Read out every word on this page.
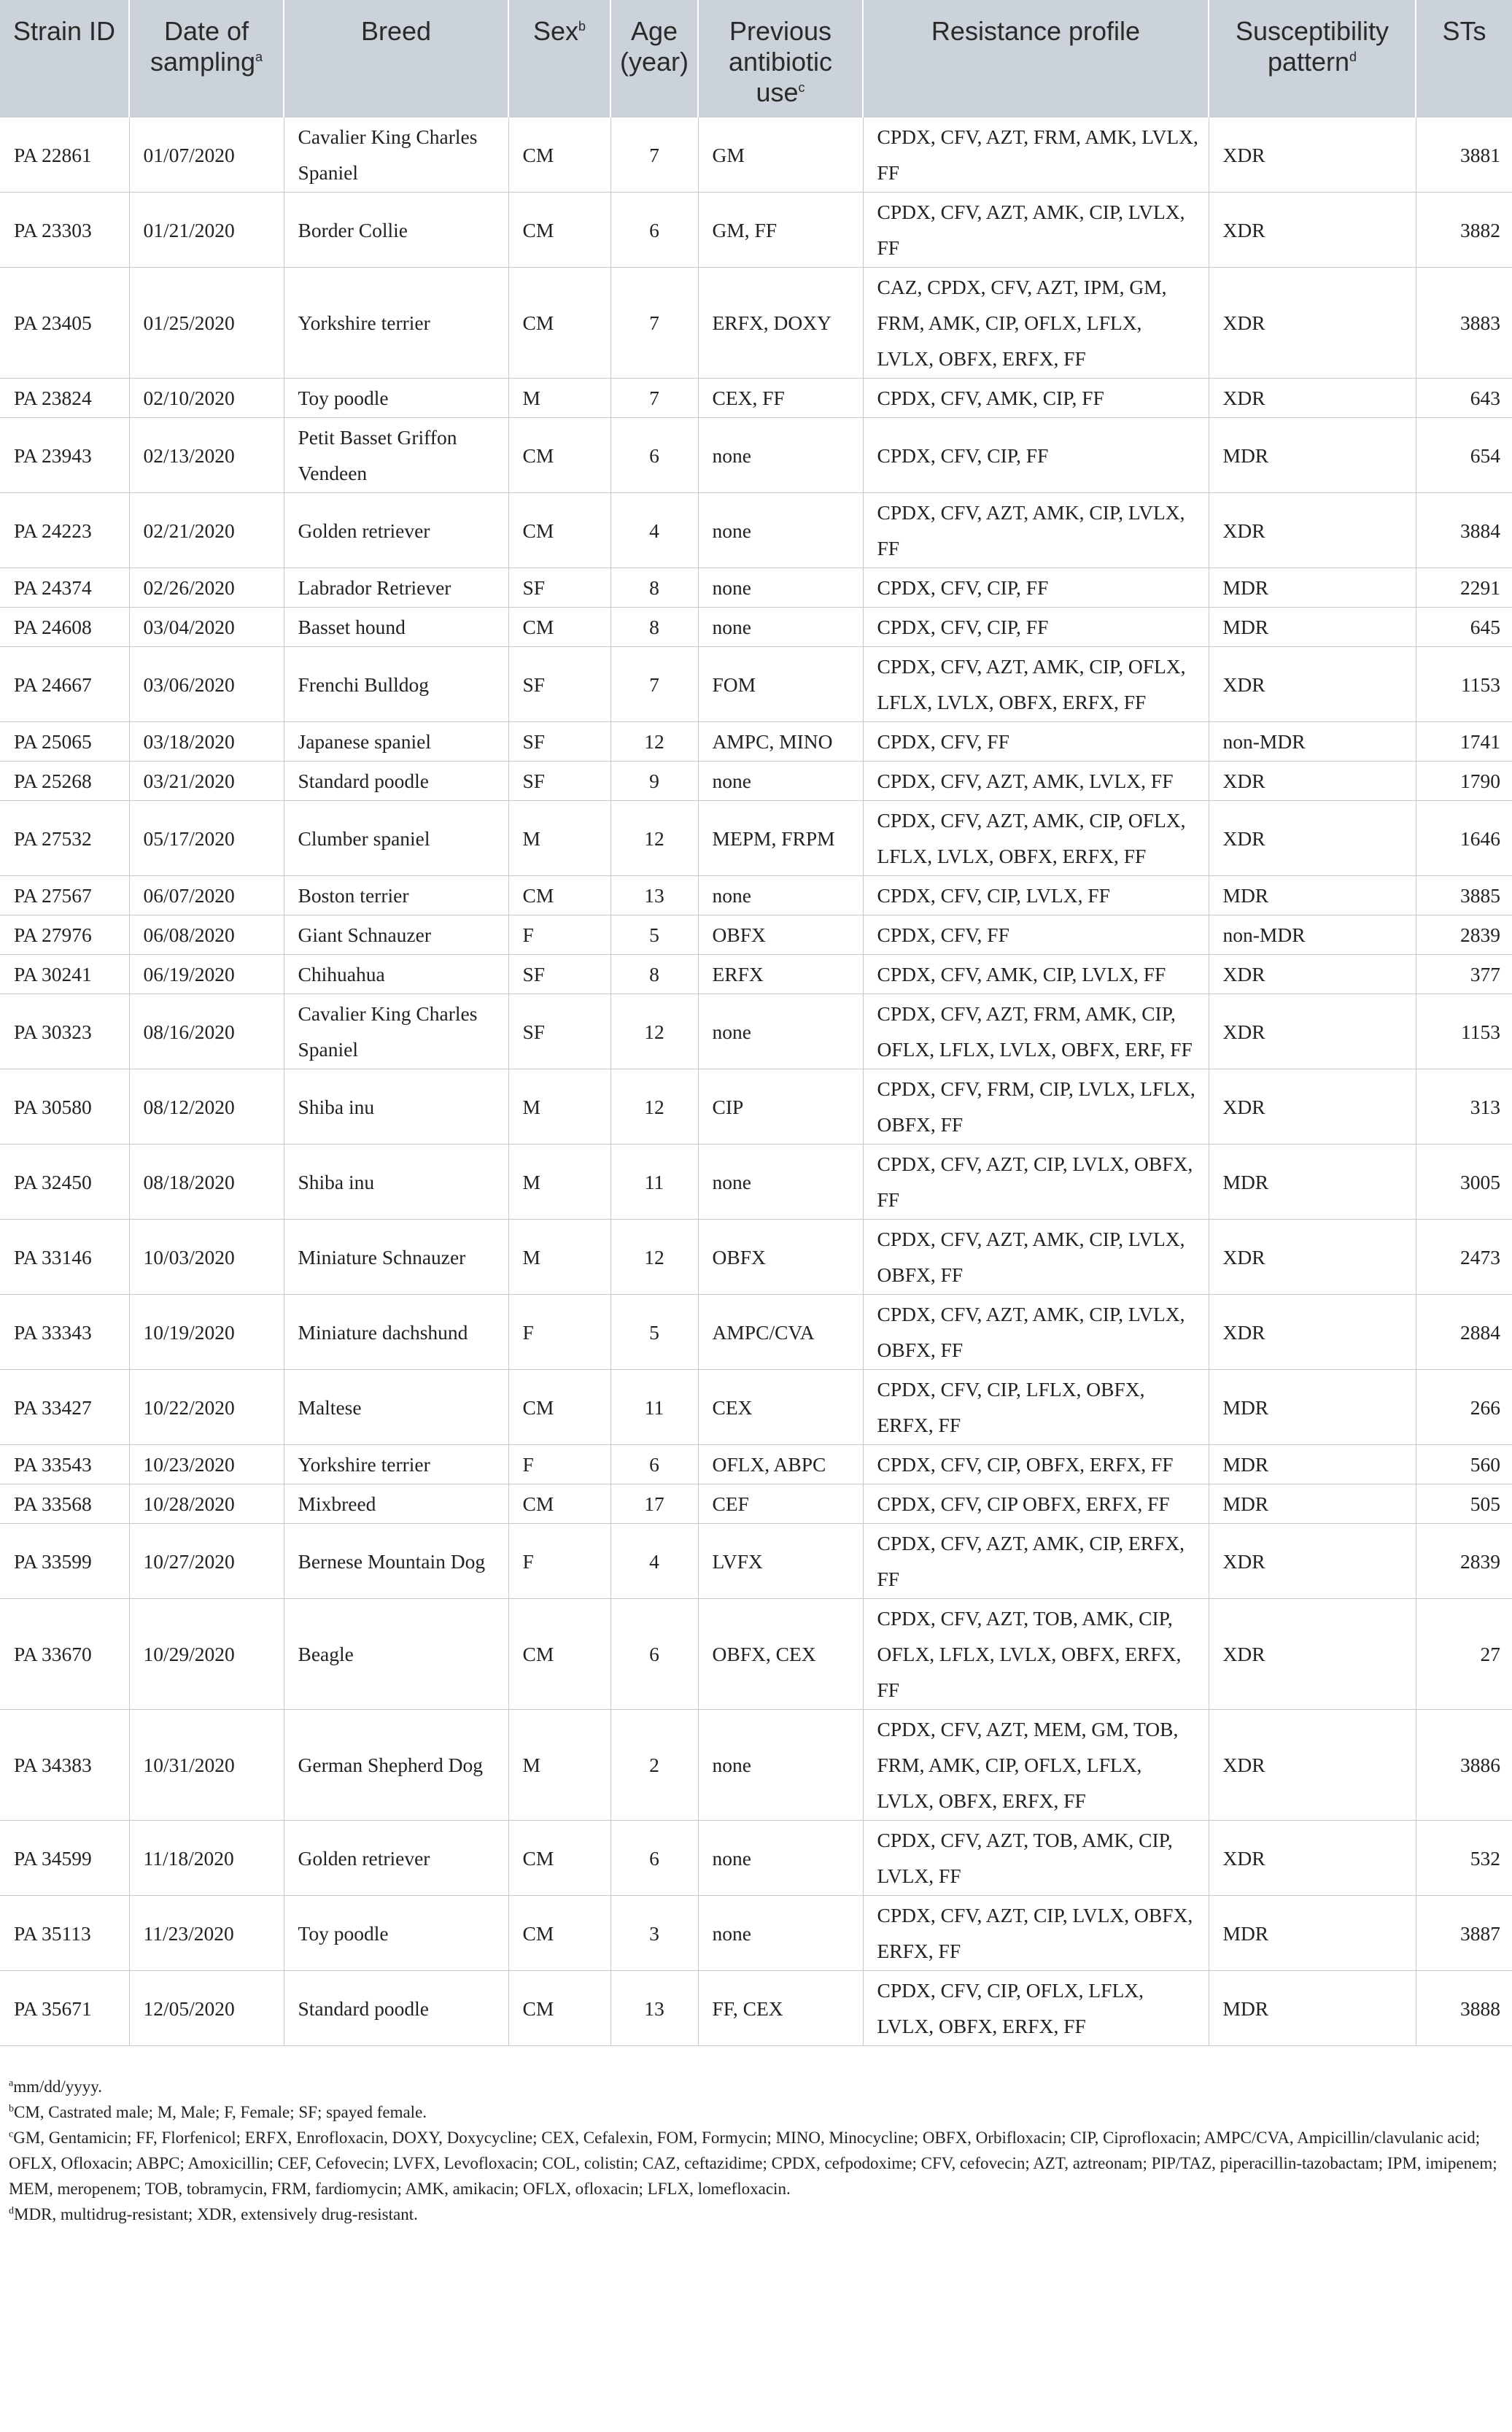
Strain ID	Date of sampling$^a$	Breed	Sex$^b$	Age (year)	Previous antibiotic use$^c$	Resistance profile	Susceptibility pattern$^d$	STs
PA 22861	01/07/2020	Cavalier King Charles Spaniel	CM	7	GM	CPDX, CFV, AZT, FRM, AMK, LVLX, FF	XDR	3881
PA 23303	01/21/2020	Border Collie	CM	6	GM, FF	CPDX, CFV, AZT, AMK, CIP, LVLX, FF	XDR	3882
PA 23405	01/25/2020	Yorkshire terrier	CM	7	ERFX, DOXY	CAZ, CPDX, CFV, AZT, IPM, GM, FRM, AMK, CIP, OFLX, LFLX, LVLX, OBFX, ERFX, FF	XDR	3883
PA 23824	02/10/2020	Toy poodle	M	7	CEX, FF	CPDX, CFV, AMK, CIP, FF	XDR	643
PA 23943	02/13/2020	Petit Basset Griffon Vendeen	CM	6	none	CPDX, CFV, CIP, FF	MDR	654
PA 24223	02/21/2020	Golden retriever	CM	4	none	CPDX, CFV, AZT, AMK, CIP, LVLX, FF	XDR	3884
PA 24374	02/26/2020	Labrador Retriever	SF	8	none	CPDX, CFV, CIP, FF	MDR	2291
PA 24608	03/04/2020	Basset hound	CM	8	none	CPDX, CFV, CIP, FF	MDR	645
PA 24667	03/06/2020	Frenchi Bulldog	SF	7	FOM	CPDX, CFV, AZT, AMK, CIP, OFLX, LFLX, LVLX, OBFX, ERFX, FF	XDR	1153
PA 25065	03/18/2020	Japanese spaniel	SF	12	AMPC, MINO	CPDX, CFV, FF	non-MDR	1741
PA 25268	03/21/2020	Standard poodle	SF	9	none	CPDX, CFV, AZT, AMK, LVLX, FF	XDR	1790
PA 27532	05/17/2020	Clumber spaniel	M	12	MEPM, FRPM	CPDX, CFV, AZT, AMK, CIP, OFLX, LFLX, LVLX, OBFX, ERFX, FF	XDR	1646
PA 27567	06/07/2020	Boston terrier	CM	13	none	CPDX, CFV, CIP, LVLX, FF	MDR	3885
PA 27976	06/08/2020	Giant Schnauzer	F	5	OBFX	CPDX, CFV, FF	non-MDR	2839
PA 30241	06/19/2020	Chihuahua	SF	8	ERFX	CPDX, CFV, AMK, CIP, LVLX, FF	XDR	377
PA 30323	08/16/2020	Cavalier King Charles Spaniel	SF	12	none	CPDX, CFV, AZT, FRM, AMK, CIP, OFLX, LFLX, LVLX, OBFX, ERF, FF	XDR	1153
PA 30580	08/12/2020	Shiba inu	M	12	CIP	CPDX, CFV, FRM, CIP, LVLX, LFLX, OBFX, FF	XDR	313
PA 32450	08/18/2020	Shiba inu	M	11	none	CPDX, CFV, AZT, CIP, LVLX, OBFX, FF	MDR	3005
PA 33146	10/03/2020	Miniature Schnauzer	M	12	OBFX	CPDX, CFV, AZT, AMK, CIP, LVLX, OBFX, FF	XDR	2473
PA 33343	10/19/2020	Miniature dachshund	F	5	AMPC/CVA	CPDX, CFV, AZT, AMK, CIP, LVLX, OBFX, FF	XDR	2884
PA 33427	10/22/2020	Maltese	CM	11	CEX	CPDX, CFV, CIP, LFLX, OBFX, ERFX, FF	MDR	266
PA 33543	10/23/2020	Yorkshire terrier	F	6	OFLX, ABPC	CPDX, CFV, CIP, OBFX, ERFX, FF	MDR	560
PA 33568	10/28/2020	Mixbreed	CM	17	CEF	CPDX, CFV, CIP OBFX, ERFX, FF	MDR	505
PA 33599	10/27/2020	Bernese Mountain Dog	F	4	LVFX	CPDX, CFV, AZT, AMK, CIP, ERFX, FF	XDR	2839
PA 33670	10/29/2020	Beagle	CM	6	OBFX, CEX	CPDX, CFV, AZT, TOB, AMK, CIP, OFLX, LFLX, LVLX, OBFX, ERFX, FF	XDR	27
PA 34383	10/31/2020	German Shepherd Dog	M	2	none	CPDX, CFV, AZT, MEM, GM, TOB, FRM, AMK, CIP, OFLX, LFLX, LVLX, OBFX, ERFX, FF	XDR	3886
PA 34599	11/18/2020	Golden retriever	CM	6	none	CPDX, CFV, AZT, TOB, AMK, CIP, LVLX, FF	XDR	532
PA 35113	11/23/2020	Toy poodle	CM	3	none	CPDX, CFV, AZT, CIP, LVLX, OBFX, ERFX, FF	MDR	3887
PA 35671	12/05/2020	Standard poodle	CM	13	FF, CEX	CPDX, CFV, CIP, OFLX, LFLX, LVLX, OBFX, ERFX, FF	MDR	3888

$^a$mm/dd/yyyy.

$^b$CM, Castrated male; M, Male; F, Female; SF; spayed female.

$^c$GM, Gentamicin; FF, Florfenicol; ERFX, Enrofloxacin, DOXY, Doxycycline; CEX, Cefalexin, FOM, Formycin; MINO, Minocycline; OBFX, Orbifloxacin; CIP, Ciprofloxacin; AMPC/CVA, Ampicillin/clavulanic acid; OFLX, Ofloxacin; ABPC; Amoxicillin; CEF, Cefovecin; LVFX, Levofloxacin; COL, colistin; CAZ, ceftazidime; CPDX, cefpodoxime; CFV, cefovecin; AZT, aztreonam; PIP/TAZ, piperacillin-tazobactam; IPM, imipenem; MEM, meropenem; TOB, tobramycin, FRM, fardiomycin; AMK, amikacin; OFLX, ofloxacin; LFLX, lomefloxacin.

$^d$MDR, multidrug-resistant; XDR, extensively drug-resistant.
